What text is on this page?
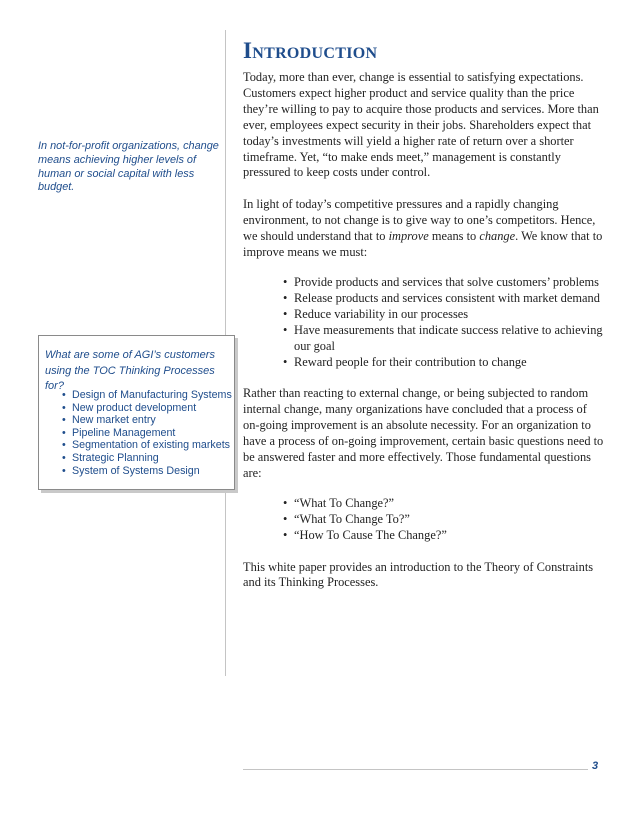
In not-for-profit organizations, change means achieving higher levels of human or social capital with less budget.
What are some of AGI’s customers using the TOC Thinking Processes for?
• Design of Manufacturing Systems
• New product development
• New market entry
• Pipeline Management
• Segmentation of existing markets
• Strategic Planning
• System of Systems Design
Introduction

Today, more than ever, change is essential to satisfying expectations. Customers expect higher product and service quality than the price they’re willing to pay to acquire those products and services. More than ever, employees expect security in their jobs. Shareholders expect that today’s investments will yield a higher rate of return over a shorter timeframe. Yet, “to make ends meet,” management is constantly pressured to keep costs under control.

In light of today’s competitive pressures and a rapidly changing environment, to not change is to give way to one’s competitors. Hence, we should understand that to improve means to change. We know that to improve means we must:

• Provide products and services that solve customers’ problems
• Release products and services consistent with market demand
• Reduce variability in our processes
• Have measurements that indicate success relative to achieving our goal
• Reward people for their contribution to change

Rather than reacting to external change, or being subjected to random internal change, many organizations have concluded that a process of on-going improvement is an absolute necessity. For an organization to have a process of on-going improvement, certain basic questions need to be answered faster and more effectively. Those fundamental questions are:

• “What To Change?”
• “What To Change To?”
• “How To Cause The Change?”

This white paper provides an introduction to the Theory of Constraints and its Thinking Processes.

3
